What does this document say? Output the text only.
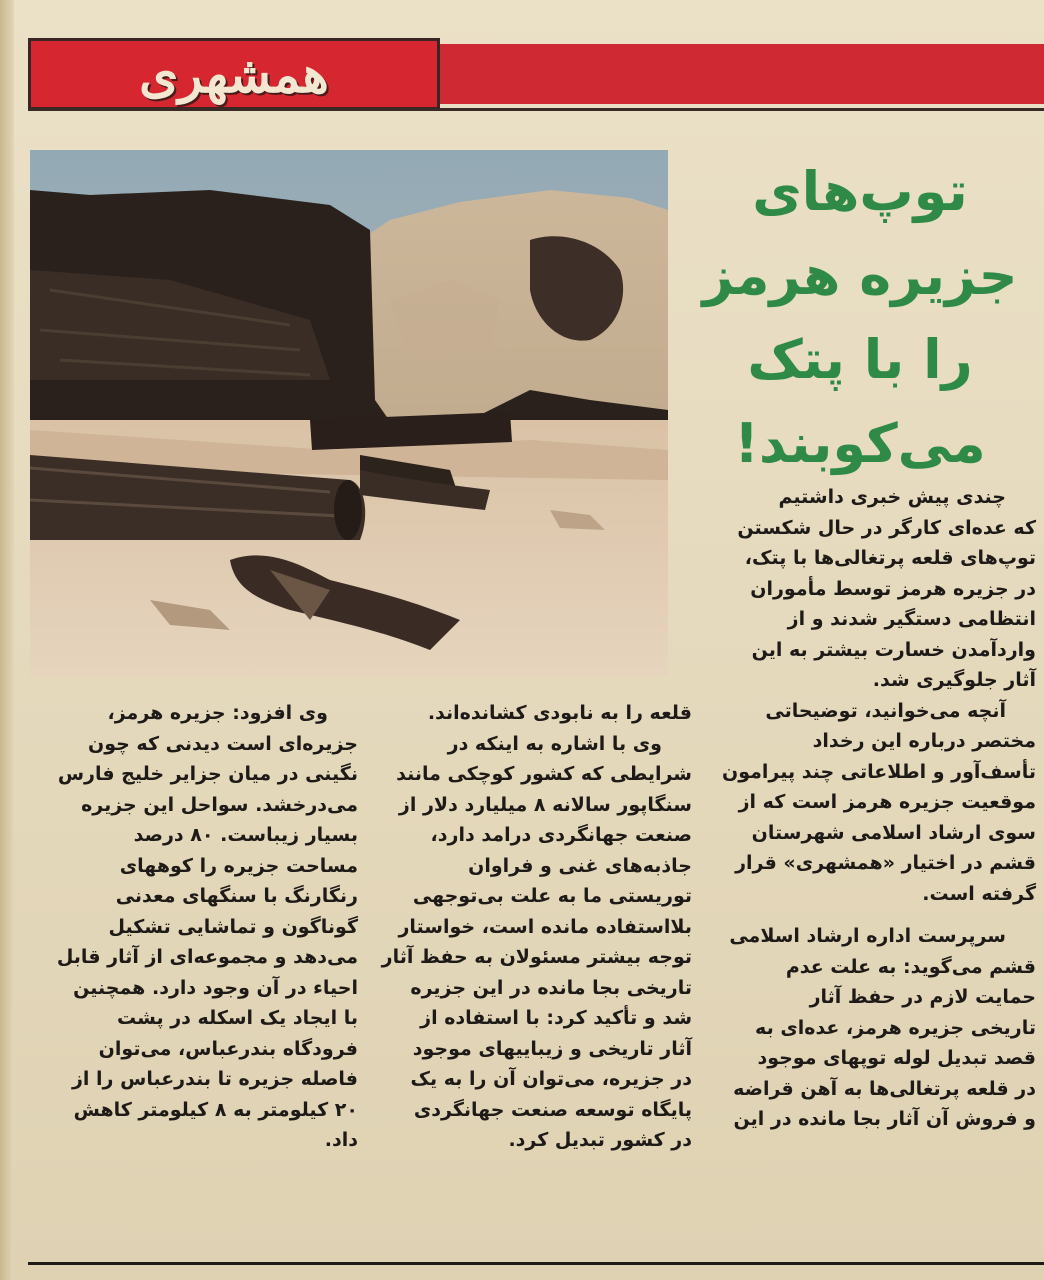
همشهری
توپ‌های
جزیره هرمز
را با پتک
می‌کوبند!
چندی پیش خبری داشتیم
که عده‌ای کارگر در حال شکستن
توپ‌های قلعه پرتغالی‌ها با پتک،
در جزیره هرمز توسط مأموران
انتظامی دستگیر شدند و از
واردآمدن خسارت بیشتر به این
آثار جلوگیری شد.
آنچه می‌خوانید، توضیحاتی
مختصر درباره این رخداد
تأسف‌آور و اطلاعاتی چند پیرامون
موقعیت جزیره هرمز است که از
سوی ارشاد اسلامی شهرستان
قشم در اختیار «همشهری» قرار
گرفته است.
سرپرست اداره ارشاد اسلامی
قشم می‌گوید: به علت عدم
حمایت لازم در حفظ آثار
تاریخی جزیره هرمز، عده‌ای به
قصد تبدیل لوله توپهای موجود
در قلعه پرتغالی‌ها به آهن قراضه
و فروش آن آثار بجا مانده در این
قلعه را به نابودی کشانده‌اند.
وی با اشاره به اینکه در
شرایطی که کشور کوچکی مانند
سنگاپور سالانه ۸ میلیارد دلار از
صنعت جهانگردی درامد دارد،
جاذبه‌های غنی و فراوان
توریستی ما به علت بی‌توجهی
بلااستفاده مانده است، خواستار
توجه بیشتر مسئولان به حفظ آثار
تاریخی بجا مانده در این جزیره
شد و تأکید کرد: با استفاده از
آثار تاریخی و زیباییهای موجود
در جزیره، می‌توان آن را به یک
پایگاه توسعه صنعت جهانگردی
در کشور تبدیل کرد.
وی افزود: جزیره هرمز،
جزیره‌ای است دیدنی که چون
نگینی در میان جزایر خلیج فارس
می‌درخشد. سواحل این جزیره
بسیار زیباست. ۸۰ درصد
مساحت جزیره را کوههای
رنگارنگ با سنگهای معدنی
گوناگون و تماشایی تشکیل
می‌دهد و مجموعه‌ای از آثار قابل
احیاء در آن وجود دارد. همچنین
با ایجاد یک اسکله در پشت
فرودگاه بندرعباس، می‌توان
فاصله جزیره تا بندرعباس را از
۲۰ کیلومتر به ۸ کیلومتر کاهش
داد.
